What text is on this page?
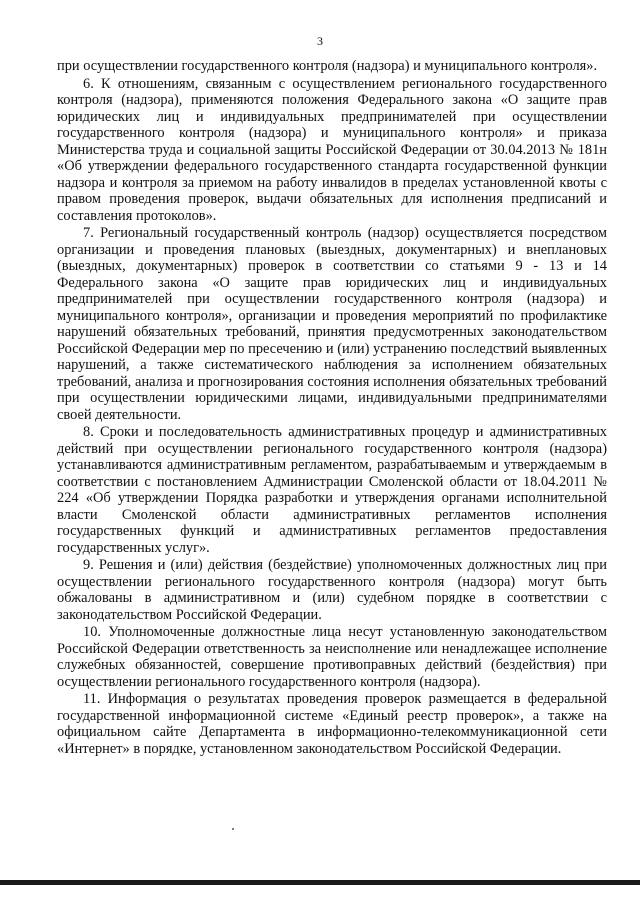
3

при осуществлении государственного контроля (надзора) и муниципального контроля».

6. К отношениям, связанным с осуществлением регионального государственного контроля (надзора), применяются положения Федерального закона «О защите прав юридических лиц и индивидуальных предпринимателей при осуществлении государственного контроля (надзора) и муниципального контроля» и приказа Министерства труда и социальной защиты Российской Федерации от 30.04.2013 № 181н «Об утверждении федерального государственного стандарта государственной функции надзора и контроля за приемом на работу инвалидов в пределах установленной квоты с правом проведения проверок, выдачи обязательных для исполнения предписаний и составления протоколов».

7. Региональный государственный контроль (надзор) осуществляется посредством организации и проведения плановых (выездных, документарных) и внеплановых (выездных, документарных) проверок в соответствии со статьями 9 - 13 и 14 Федерального закона «О защите прав юридических лиц и индивидуальных предпринимателей при осуществлении государственного контроля (надзора) и муниципального контроля», организации и проведения мероприятий по профилактике нарушений обязательных требований, принятия предусмотренных законодательством Российской Федерации мер по пресечению и (или) устранению последствий выявленных нарушений, а также систематического наблюдения за исполнением обязательных требований, анализа и прогнозирования состояния исполнения обязательных требований при осуществлении юридическими лицами, индивидуальными предпринимателями своей деятельности.

8. Сроки и последовательность административных процедур и административных действий при осуществлении регионального государственного контроля (надзора) устанавливаются административным регламентом, разрабатываемым и утверждаемым в соответствии с постановлением Администрации Смоленской области от 18.04.2011 № 224 «Об утверждении Порядка разработки и утверждения органами исполнительной власти Смоленской области административных регламентов исполнения государственных функций и административных регламентов предоставления государственных услуг».

9. Решения и (или) действия (бездействие) уполномоченных должностных лиц при осуществлении регионального государственного контроля (надзора) могут быть обжалованы в административном и (или) судебном порядке в соответствии с законодательством Российской Федерации.

10. Уполномоченные должностные лица несут установленную законодательством Российской Федерации ответственность за неисполнение или ненадлежащее исполнение служебных обязанностей, совершение противоправных действий (бездействия) при осуществлении регионального государственного контроля (надзора).

11. Информация о результатах проведения проверок размещается в федеральной государственной информационной системе «Единый реестр проверок», а также на официальном сайте Департамента в информационно-телекоммуникационной сети «Интернет» в порядке, установленном законодательством Российской Федерации.
